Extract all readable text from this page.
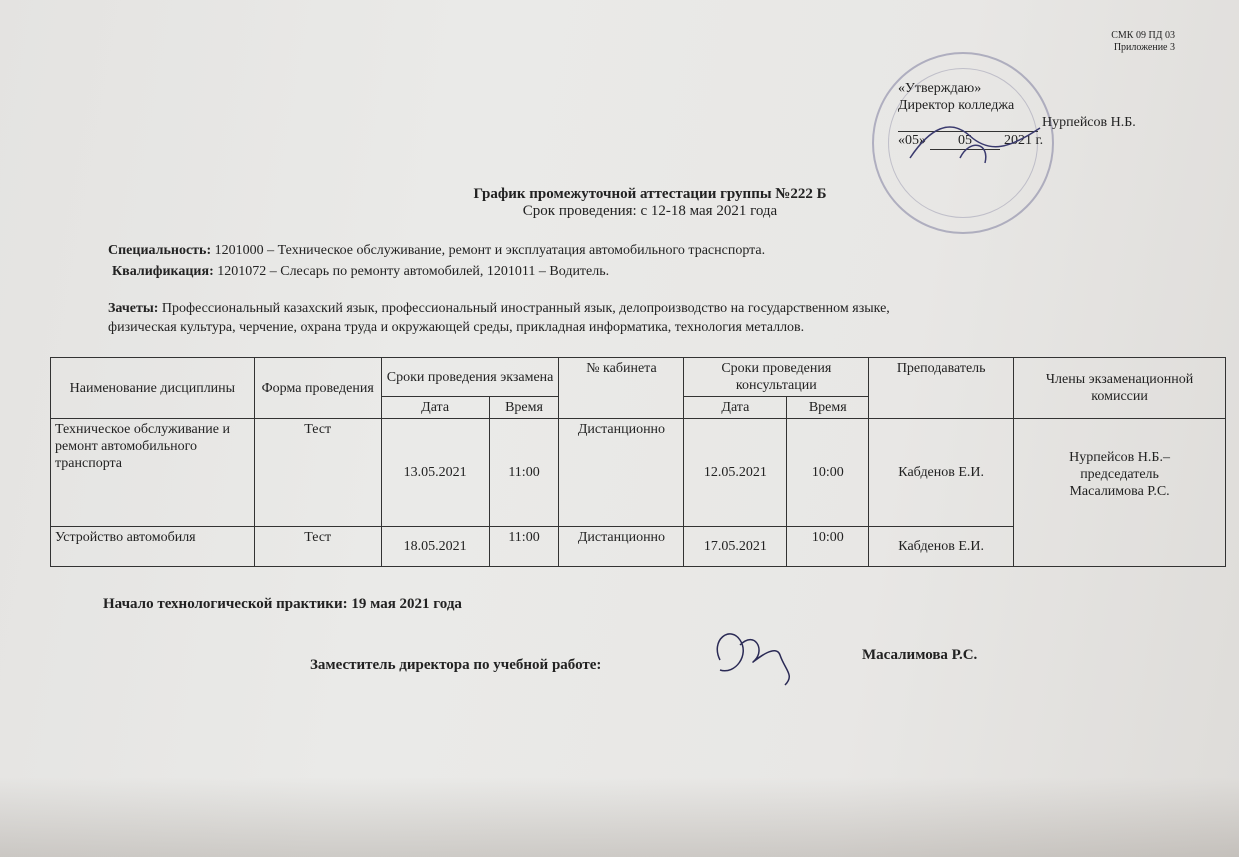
СМК 09 ПД 03
Приложение 3
«Утверждаю»
Директор колледжа

Нурпейсов Н.Б.
«05»	05	2021 г.
График промежуточной аттестации группы №222 Б
Срок проведения: с 12-18 мая 2021 года
Специальность: 1201000 – Техническое обслуживание, ремонт и эксплуатация автомобильного траснспорта.
Квалификация: 1201072 – Слесарь по ремонту автомобилей, 1201011 – Водитель.
Зачеты: Профессиональный казахский язык, профессиональный иностранный язык, делопроизводство на государственном языке,
физическая культура, черчение, охрана труда и окружающей среды, прикладная информатика, технология металлов.
Наименование дисциплины	Форма проведения	Сроки проведения экзамена		№ кабинета	Сроки проведения консультации		Преподаватель	Члены экзаменационной комиссии
		Дата	Время		Дата	Время		
Техническое обслуживание и ремонт автомобильного транспорта	Тест	13.05.2021	11:00	Дистанционно	12.05.2021	10:00	Кабденов Е.И.	Нурпейсов Н.Б.–
председатель
Масалимова Р.С.

Устройство автомобиля	Тест	18.05.2021	11:00	Дистанционно	17.05.2021	10:00	Кабденов Е.И.	
Начало технологической практики: 19 мая 2021 года
Заместитель директора по учебной работе:
Масалимова Р.С.
